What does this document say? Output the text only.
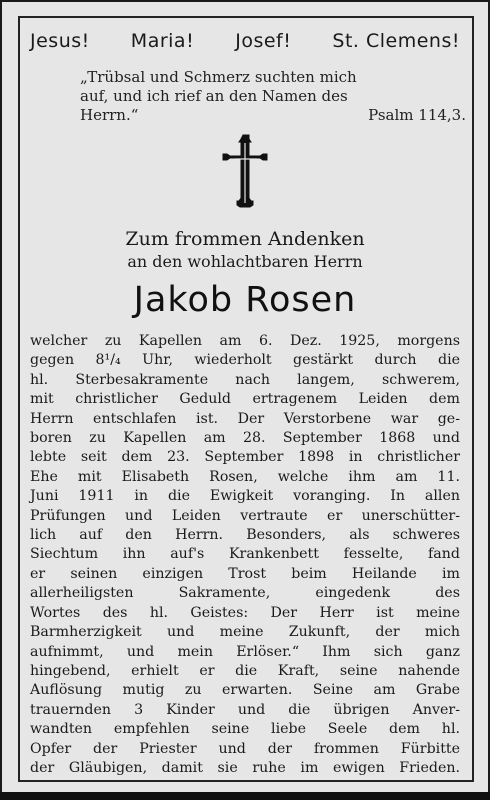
Jesus! Maria! Josef! St. Clemens!
„Trübsal und Schmerz suchten mich
auf, und ich rief an den Namen des
Herrn.“	Psalm 114,3.
Zum frommen Andenken
an den wohlachtbaren Herrn
Jakob Rosen
welcher zu Kapellen am 6. Dez. 1925, morgens
gegen 8¹/₄ Uhr, wiederholt gestärkt durch die
hl. Sterbesakramente nach langem, schwerem,
mit christlicher Geduld ertragenem Leiden dem
Herrn entschlafen ist. Der Verstorbene war ge-
boren zu Kapellen am 28. September 1868 und
lebte seit dem 23. September 1898 in christlicher
Ehe mit Elisabeth Rosen, welche ihm am 11.
Juni 1911 in die Ewigkeit voranging. In allen
Prüfungen und Leiden vertraute er unerschütter-
lich auf den Herrn. Besonders, als schweres
Siechtum ihn auf's Krankenbett fesselte, fand
er seinen einzigen Trost beim Heilande im
allerheiligsten Sakramente, eingedenk des
Wortes des hl. Geistes: Der Herr ist meine
Barmherzigkeit und meine Zukunft, der mich
aufnimmt, und mein Erlöser.“ Ihm sich ganz
hingebend, erhielt er die Kraft, seine nahende
Auflösung mutig zu erwarten. Seine am Grabe
trauernden 3 Kinder und die übrigen Anver-
wandten empfehlen seine liebe Seele dem hl.
Opfer der Priester und der frommen Fürbitte
der Gläubigen, damit sie ruhe im ewigen Frieden.
